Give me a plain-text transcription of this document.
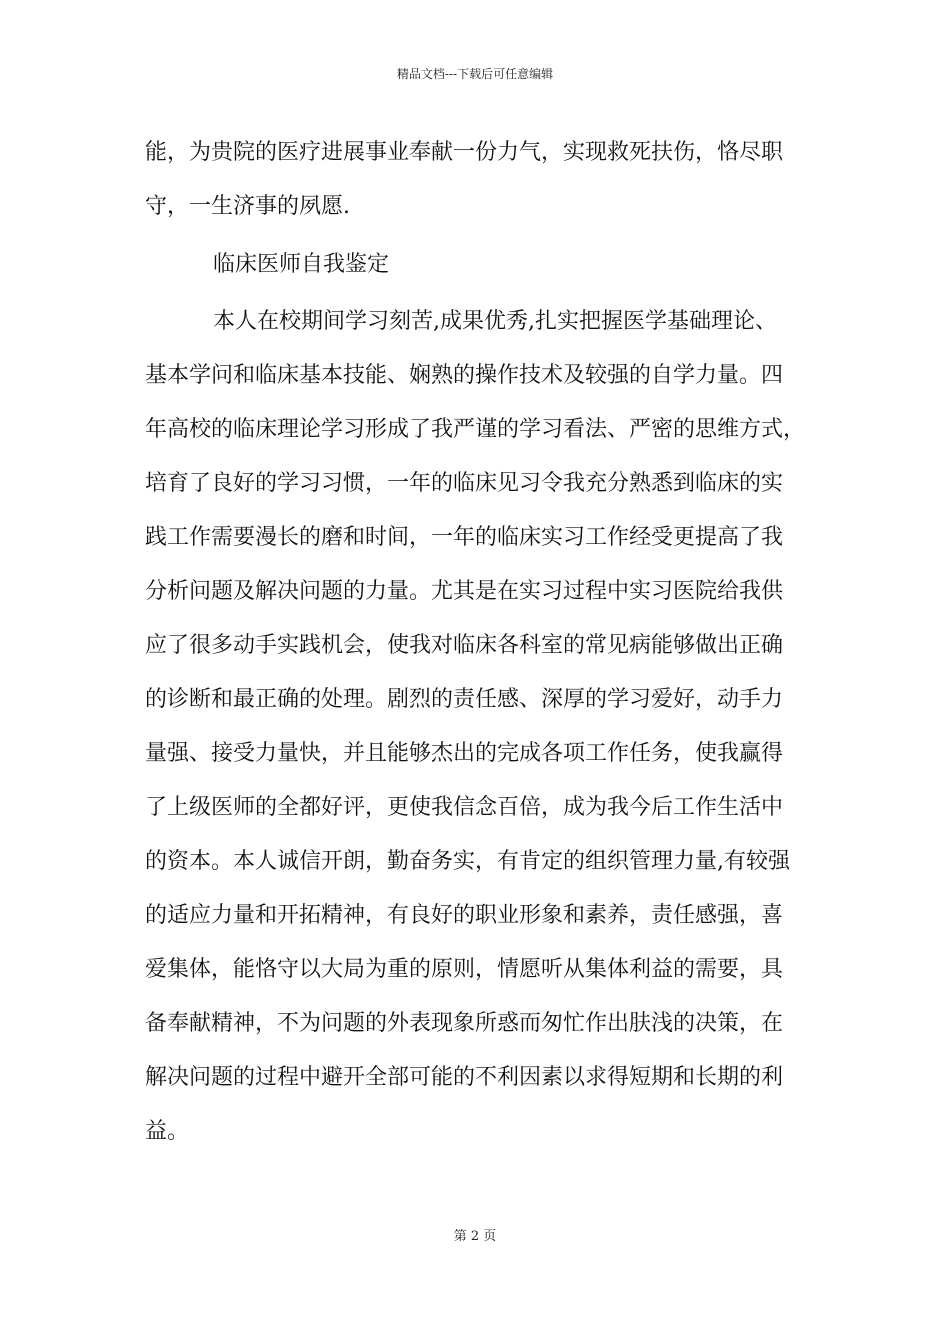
精品文档---下载后可任意编辑
能，为贵院的医疗进展事业奉献一份力气，实现救死扶伤，恪尽职
守，一生济事的夙愿.
临床医师自我鉴定
本人在校期间学习刻苦,成果优秀,扎实把握医学基础理论、
基本学问和临床基本技能、娴熟的操作技术及较强的自学力量。四
年高校的临床理论学习形成了我严谨的学习看法、严密的思维方式，
培育了良好的学习习惯，一年的临床见习令我充分熟悉到临床的实
践工作需要漫长的磨和时间，一年的临床实习工作经受更提高了我
分析问题及解决问题的力量。尤其是在实习过程中实习医院给我供
应了很多动手实践机会，使我对临床各科室的常见病能够做出正确
的诊断和最正确的处理。剧烈的责任感、深厚的学习爱好，动手力
量强、接受力量快，并且能够杰出的完成各项工作任务，使我赢得
了上级医师的全都好评，更使我信念百倍，成为我今后工作生活中
的资本。本人诚信开朗，勤奋务实，有肯定的组织管理力量,有较强
的适应力量和开拓精神，有良好的职业形象和素养，责任感强，喜
爱集体，能恪守以大局为重的原则，情愿听从集体利益的需要，具
备奉献精神，不为问题的外表现象所惑而匆忙作出肤浅的决策，在
解决问题的过程中避开全部可能的不利因素以求得短期和长期的利
益。
第 2 页
